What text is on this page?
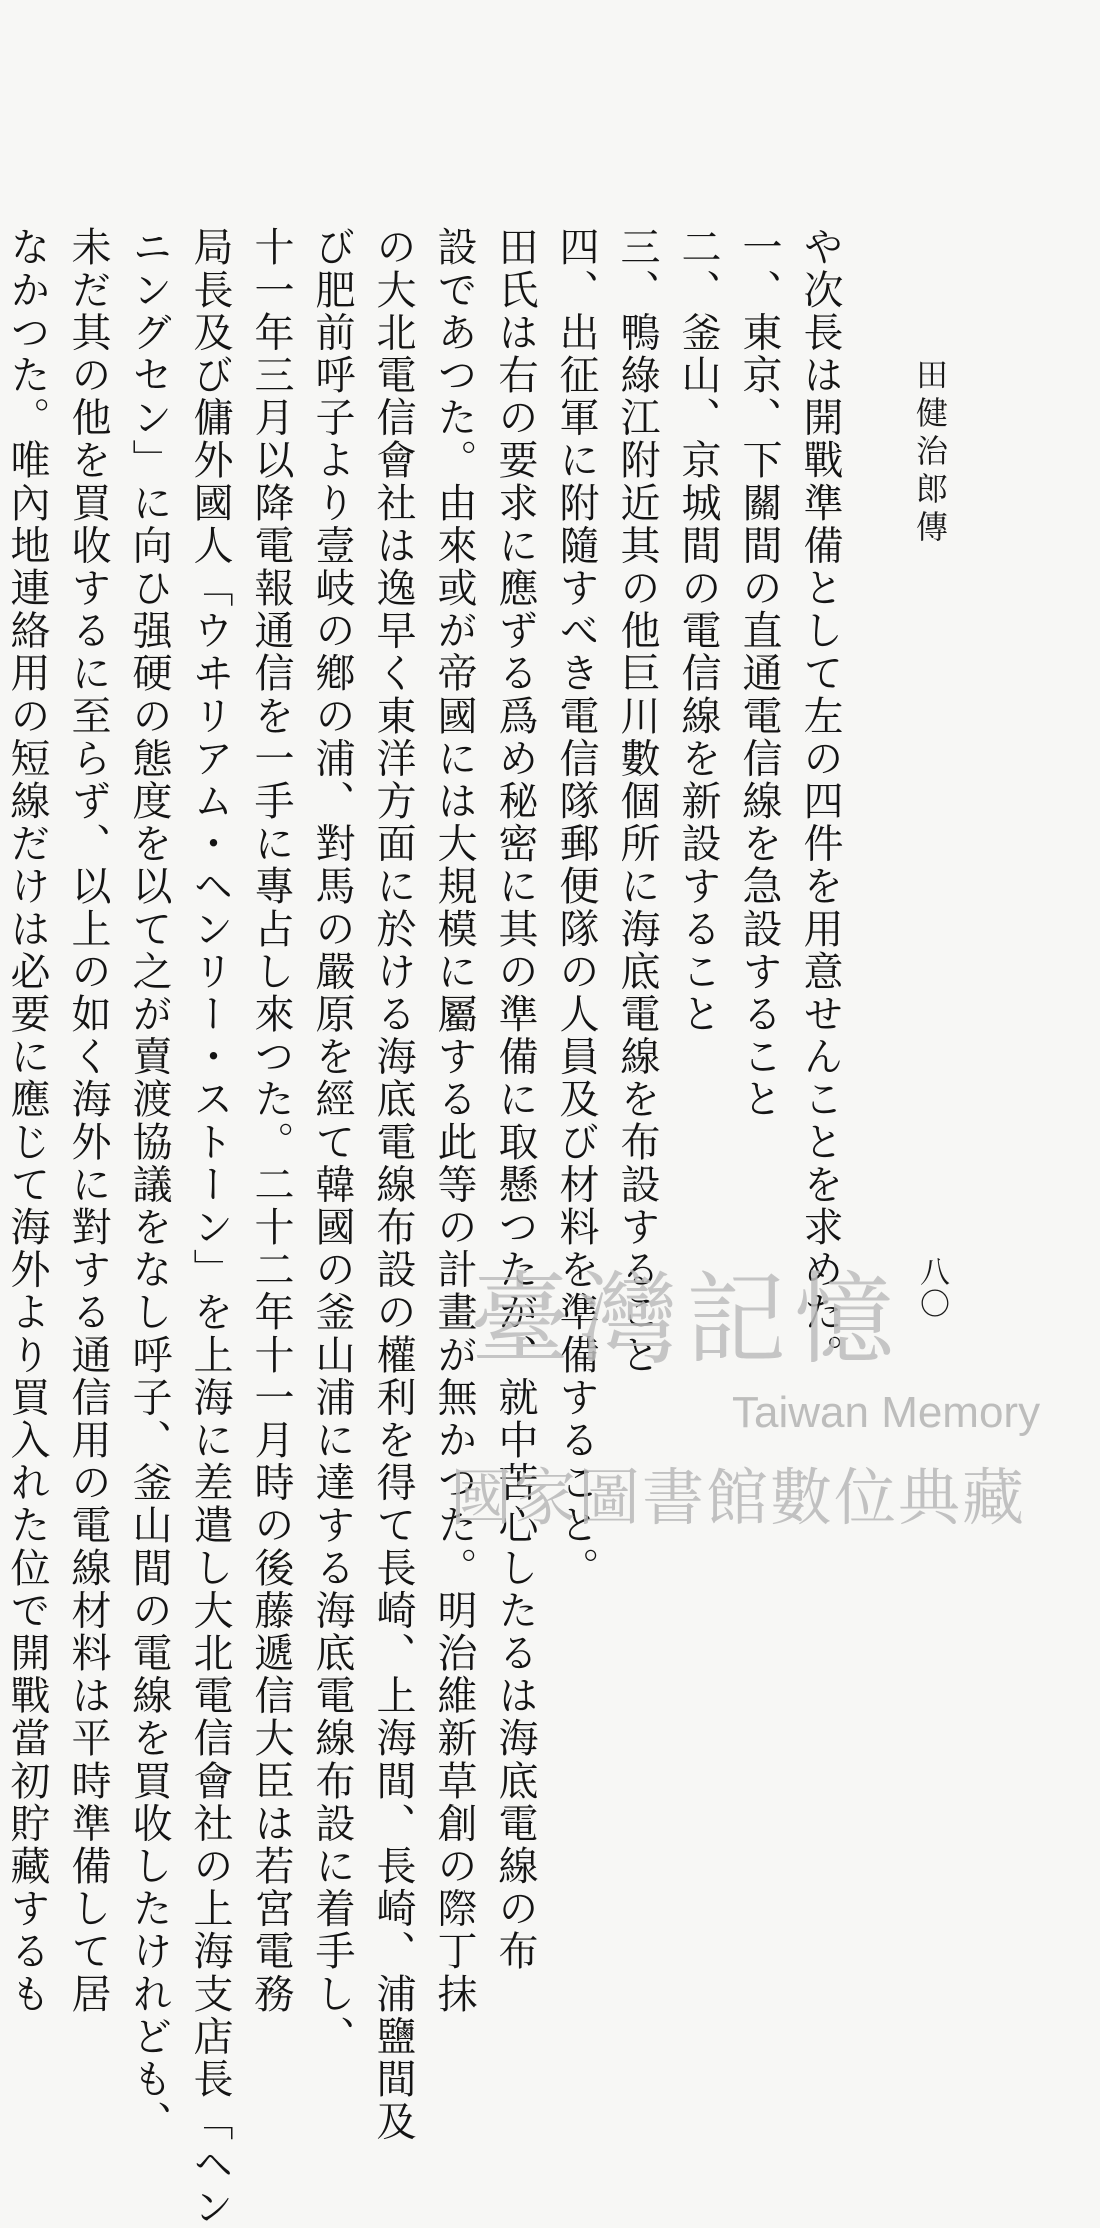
田健治郎傳
や次長は開戰準備として左の四件を用意せんことを求めた。
一、東京、下關間の直通電信線を急設すること
二、釜山、京城間の電信線を新設すること
三、鴨綠江附近其の他巨川數個所に海底電線を布設すること
四、出征軍に附隨すべき電信隊郵便隊の人員及び材料を準備すること。
田氏は右の要求に應ずる爲め秘密に其の準備に取懸つたが、就中苦心したるは海底電線の布
設であつた。由來或が帝國には大規模に屬する此等の計畫が無かつた。明治維新草創の際丁抹
の大北電信會社は逸早く東洋方面に於ける海底電線布設の權利を得て長崎、上海間、長崎、浦鹽間及
び肥前呼子より壹岐の鄕の浦、對馬の嚴原を經て韓國の釜山浦に達する海底電線布設に着手し、
十一年三月以降電報通信を一手に專占し來つた。二十二年十一月時の後藤遞信大臣は若宮電務
局長及び傭外國人「ウヰリアム・ヘンリー・ストーン」を上海に差遣し大北電信會社の上海支店長「ヘン
ニングセン」に向ひ强硬の態度を以て之が賣渡協議をなし呼子、釜山間の電線を買收したけれども、
未だ其の他を買收するに至らず、以上の如く海外に對する通信用の電線材料は平時準備して居
なかつた。唯內地連絡用の短線だけは必要に應じて海外より買入れた位で開戰當初貯藏するも	八〇
臺灣記憶
Taiwan Memory
國家圖書館數位典藏
